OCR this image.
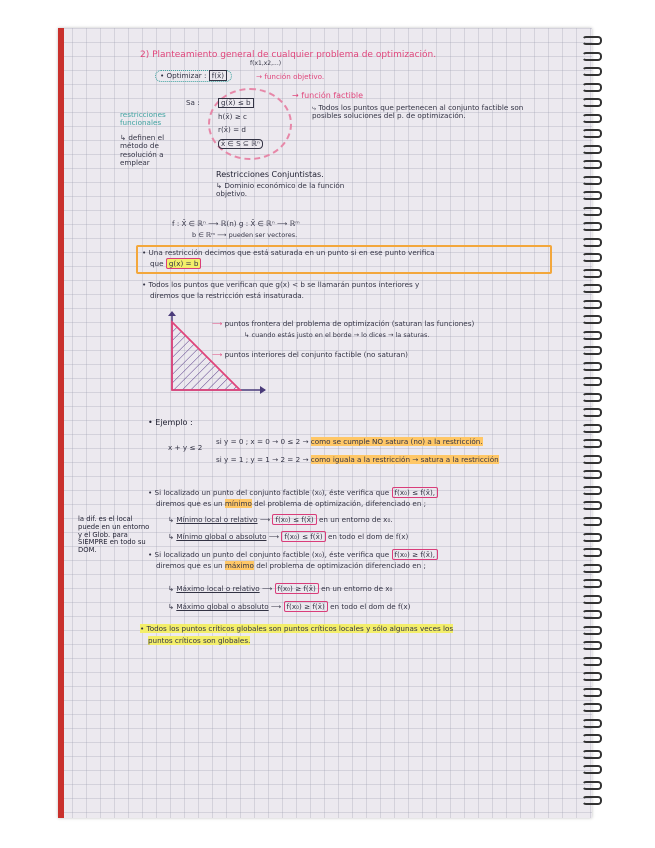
2) Planteamiento general de cualquier problema de optimización.
f(x1,x2,...)
• Optimizar : f(x̄)	→ función objetivo.
Sa :	g(x̄) ≤ b
h(x̄) ≥ c
r(x̄) = d
x̄ ∈ S ⊆ ℝⁿ
→ función factible
⤷ Todos los puntos que pertenecen al conjunto factible son posibles soluciones del p. de optimización.
restricciones funcionales
↳ definen el método de resolución a emplear
Restricciones Conjuntistas.
↳ Dominio económico de la función objetivo.
f : X̄ ∈ ℝⁿ ⟶ ℝ(n) g : X̄ ∈ ℝⁿ ⟶ ℝᵐ
b ∈ ℝᵐ ⟶ pueden ser vectores.
• Una restricción decimos que está saturada en un punto si en ese punto verifica
que g(x) = b
• Todos los puntos que verifican que g(x) < b se llamarán puntos interiores y
diremos que la restricción está insaturada.
⟶ puntos frontera del problema de optimización (saturan las funciones)
↳ cuando estás justo en el borde → lo dices → la saturas.
⟶ puntos interiores del conjunto factible (no saturan)
• Ejemplo :
x + y ≤ 2
si y = 0 ; x = 0 → 0 ≤ 2 → como se cumple NO satura (no) a la restricción.
si y = 1 ; y = 1 → 2 = 2 → como iguala a la restricción → satura a la restricción
• Si localizado un punto del conjunto factible (x₀), éste verifica que f(x₀) ≤ f(x̄),
diremos que es un mínimo del problema de optimización, diferenciado en ;
↳ Mínimo local o relativo ⟶ f(x₀) ≤ f(x̄) en un entorno de x₀.
↳ Mínimo global o absoluto ⟶ f(x₀) ≤ f(x̄) en todo el dom de f(x)
la dif. es el local puede en un entorno y el Glob. para SIEMPRE en todo su DOM.	• Si localizado un punto del conjunto factible (x₀), éste verifica que f(x₀) ≥ f(x̄),
diremos que es un máximo del problema de optimización diferenciado en ;
↳ Máximo local o relativo ⟶ f(x₀) ≥ f(x̄) en un entorno de x₀
↳ Máximo global o absoluto ⟶ f(x₀) ≥ f(x̄) en todo el dom de f(x)
• Todos los puntos críticos globales son puntos críticos locales y sólo algunas veces los
puntos críticos son globales.
